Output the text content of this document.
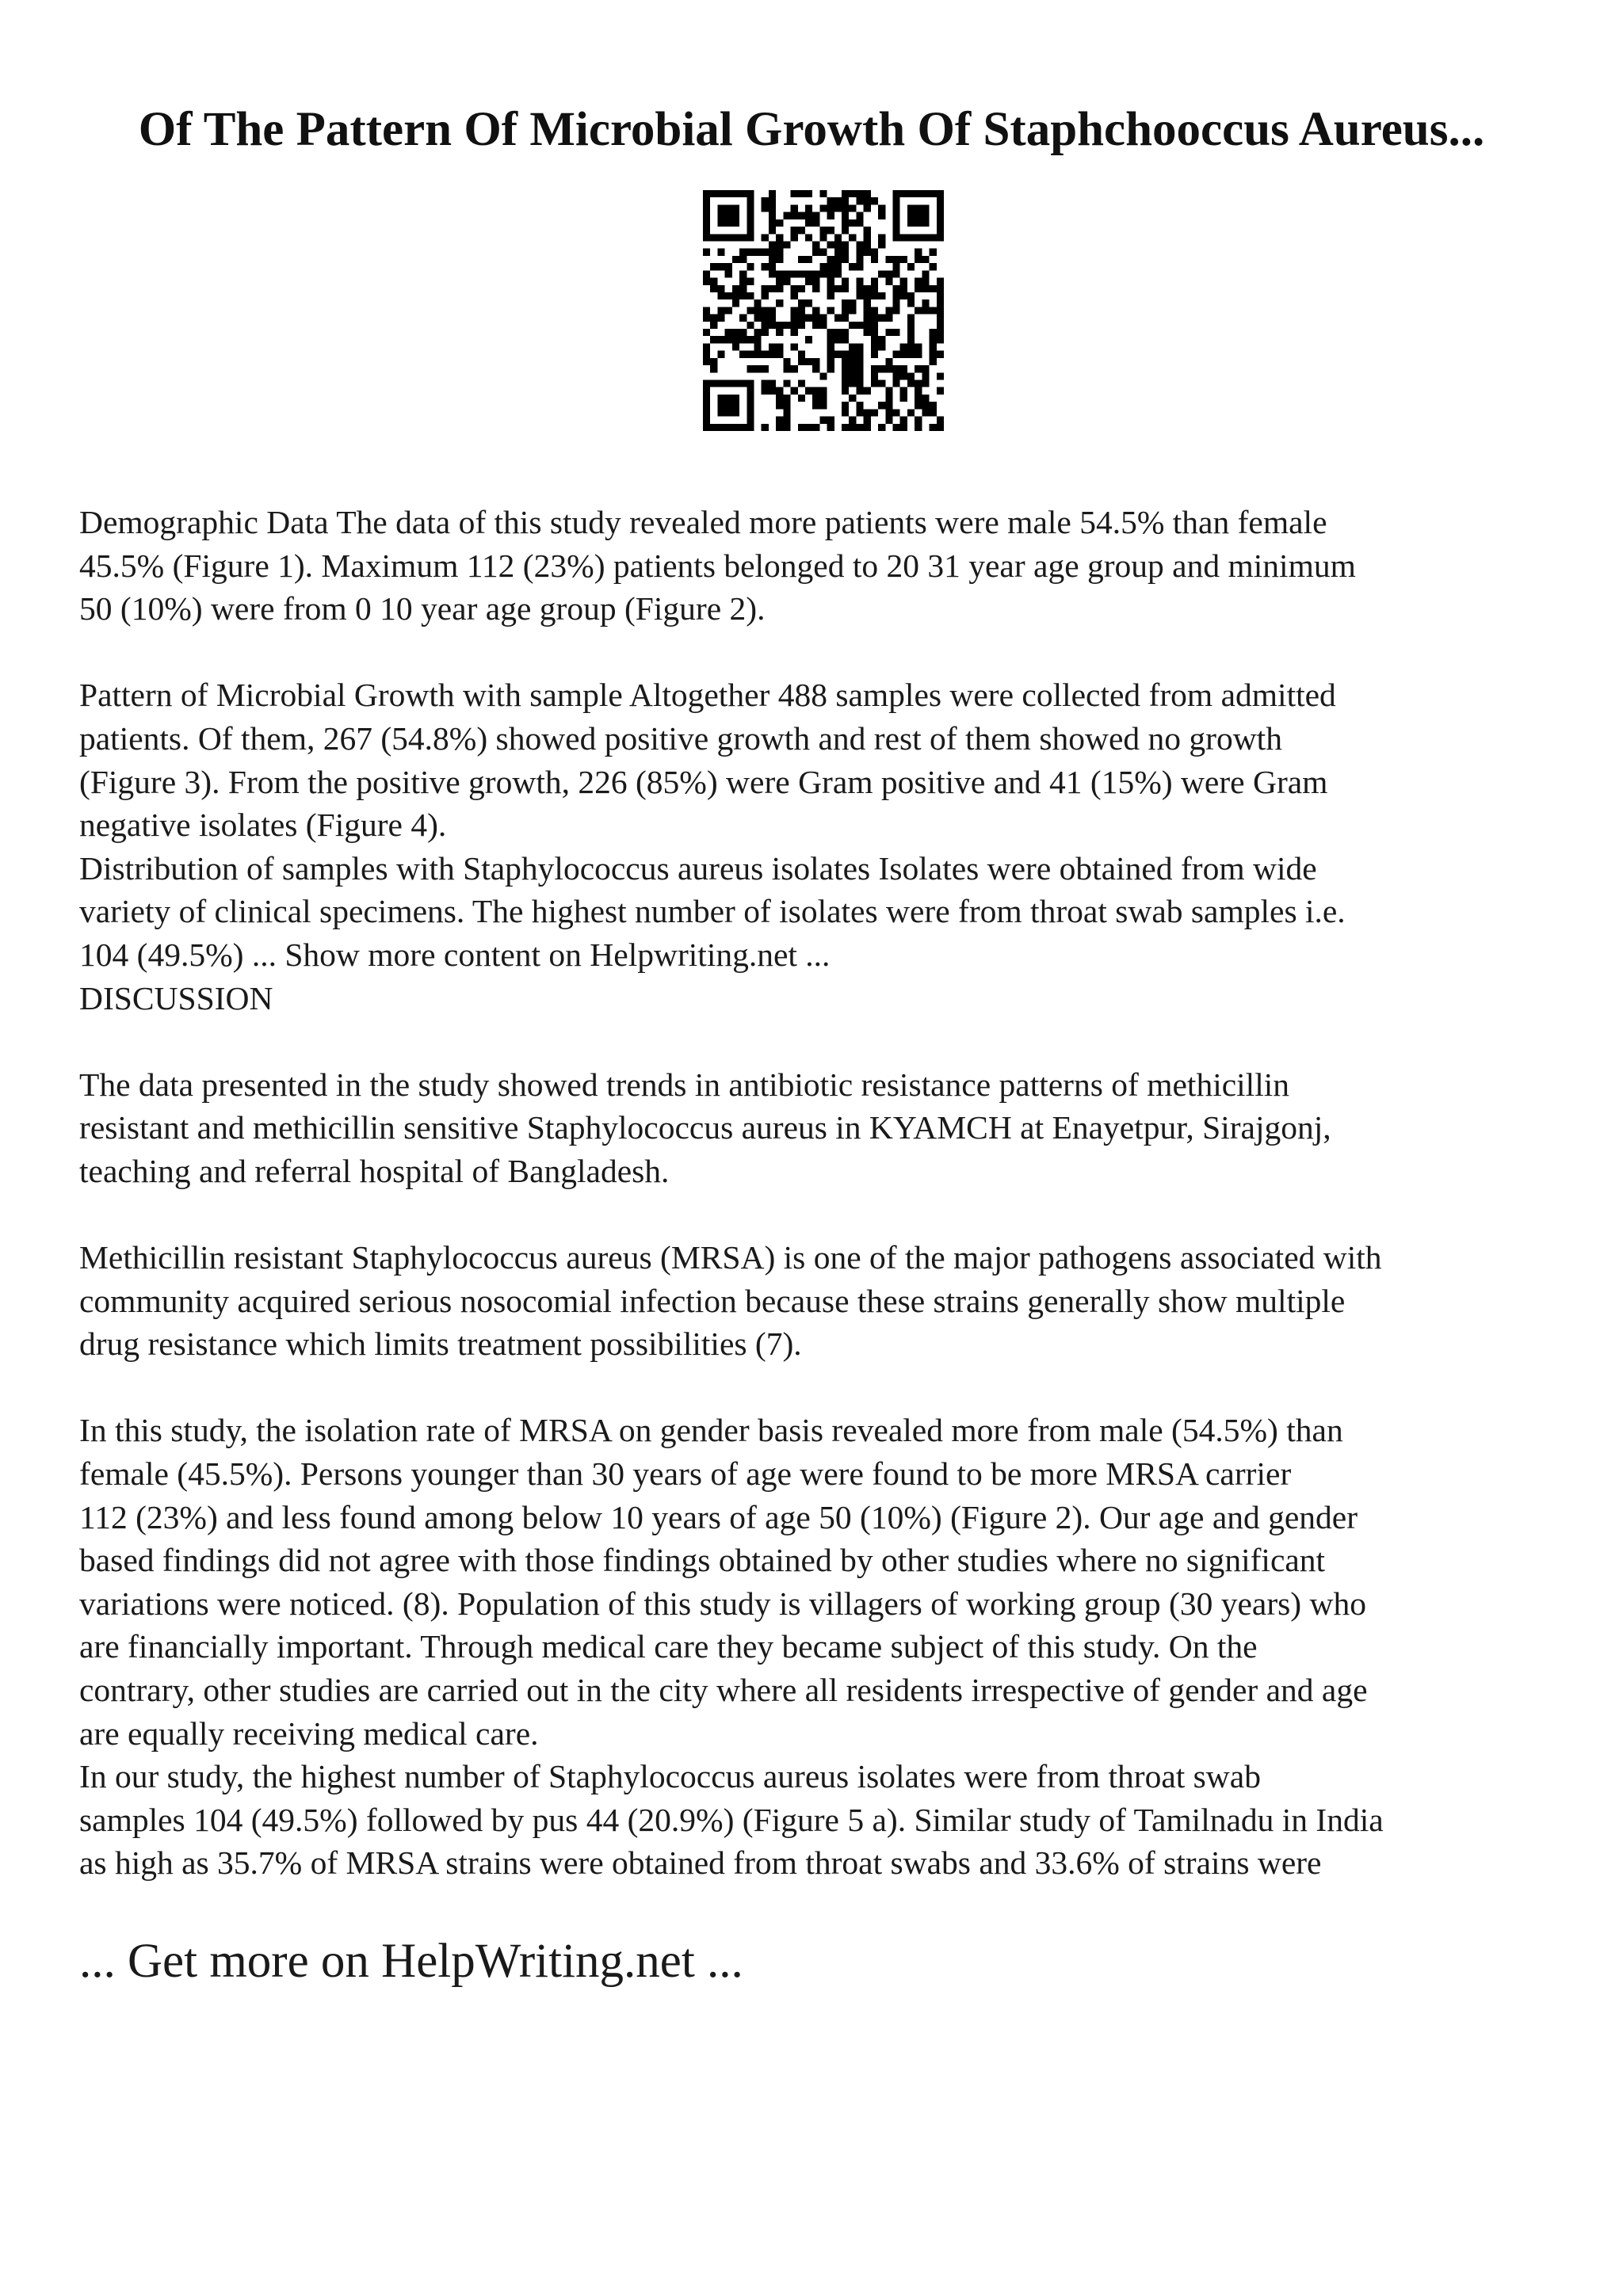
Of The Pattern Of Microbial Growth Of Staphchooccus Aureus...

Demographic Data The data of this study revealed more patients were male 54.5% than female
45.5% (Figure 1). Maximum 112 (23%) patients belonged to 20 31 year age group and minimum
50 (10%) were from 0 10 year age group (Figure 2).

Pattern of Microbial Growth with sample Altogether 488 samples were collected from admitted
patients. Of them, 267 (54.8%) showed positive growth and rest of them showed no growth
(Figure 3). From the positive growth, 226 (85%) were Gram positive and 41 (15%) were Gram
negative isolates (Figure 4).

Distribution of samples with Staphylococcus aureus isolates Isolates were obtained from wide
variety of clinical specimens. The highest number of isolates were from throat swab samples i.e.
104 (49.5%) ... Show more content on Helpwriting.net ...

DISCUSSION

The data presented in the study showed trends in antibiotic resistance patterns of methicillin
resistant and methicillin sensitive Staphylococcus aureus in KYAMCH at Enayetpur, Sirajgonj,
teaching and referral hospital of Bangladesh.

Methicillin resistant Staphylococcus aureus (MRSA) is one of the major pathogens associated with
community acquired serious nosocomial infection because these strains generally show multiple
drug resistance which limits treatment possibilities (7).

In this study, the isolation rate of MRSA on gender basis revealed more from male (54.5%) than
female (45.5%). Persons younger than 30 years of age were found to be more MRSA carrier
112 (23%) and less found among below 10 years of age 50 (10%) (Figure 2). Our age and gender
based findings did not agree with those findings obtained by other studies where no significant
variations were noticed. (8). Population of this study is villagers of working group (30 years) who
are financially important. Through medical care they became subject of this study. On the
contrary, other studies are carried out in the city where all residents irrespective of gender and age
are equally receiving medical care.

In our study, the highest number of Staphylococcus aureus isolates were from throat swab
samples 104 (49.5%) followed by pus 44 (20.9%) (Figure 5 a). Similar study of Tamilnadu in India
as high as 35.7% of MRSA strains were obtained from throat swabs and 33.6% of strains were

... Get more on HelpWriting.net ...
